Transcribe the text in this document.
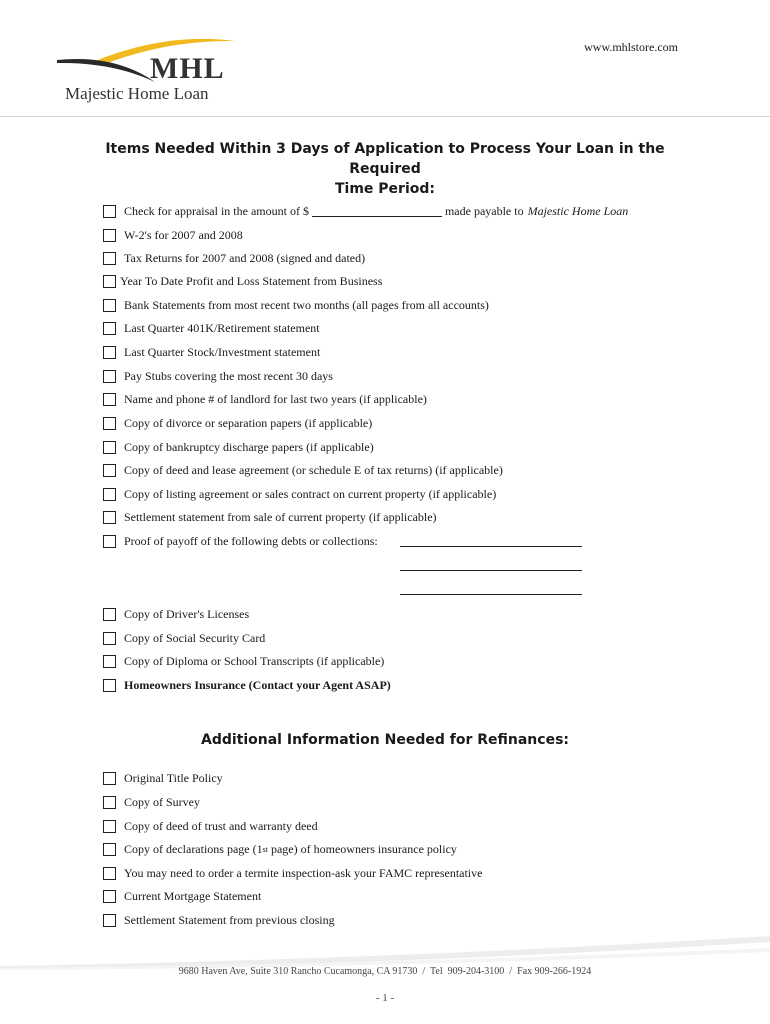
www.mhlstore.com
MHL
Majestic Home Loan
Items Needed Within 3 Days of Application to Process Your Loan in the Required
Time Period:
Check for appraisal in the amount of $	made payable to Majestic Home Loan
W-2's for 2007 and 2008
Tax Returns for 2007 and 2008 (signed and dated)
Year To Date Profit and Loss Statement from Business
Bank Statements from most recent two months (all pages from all accounts)
Last Quarter 401K/Retirement statement
Last Quarter Stock/Investment statement
Pay Stubs covering the most recent 30 days
Name and phone # of landlord for last two years (if applicable)
Copy of divorce or separation papers (if applicable)
Copy of bankruptcy discharge papers (if applicable)
Copy of deed and lease agreement (or schedule E of tax returns) (if applicable)
Copy of listing agreement or sales contract on current property (if applicable)
Settlement statement from sale of current property (if applicable)
Proof of payoff of the following debts or collections:
Copy of Driver's Licenses
Copy of Social Security Card
Copy of Diploma or School Transcripts (if applicable)
Homeowners Insurance (Contact your Agent ASAP)
Additional Information Needed for Refinances:
Original Title Policy
Copy of Survey
Copy of deed of trust and warranty deed
Copy of declarations page (1 st page) of homeowners insurance policy
You may need to order a termite inspection-ask your FAMC representative
Current Mortgage Statement
Settlement Statement from previous closing
9680 Haven Ave, Suite 310 Rancho Cucamonga, CA 91730  /  Tel  909-204-3100  /  Fax 909-266-1924
- 1 -
